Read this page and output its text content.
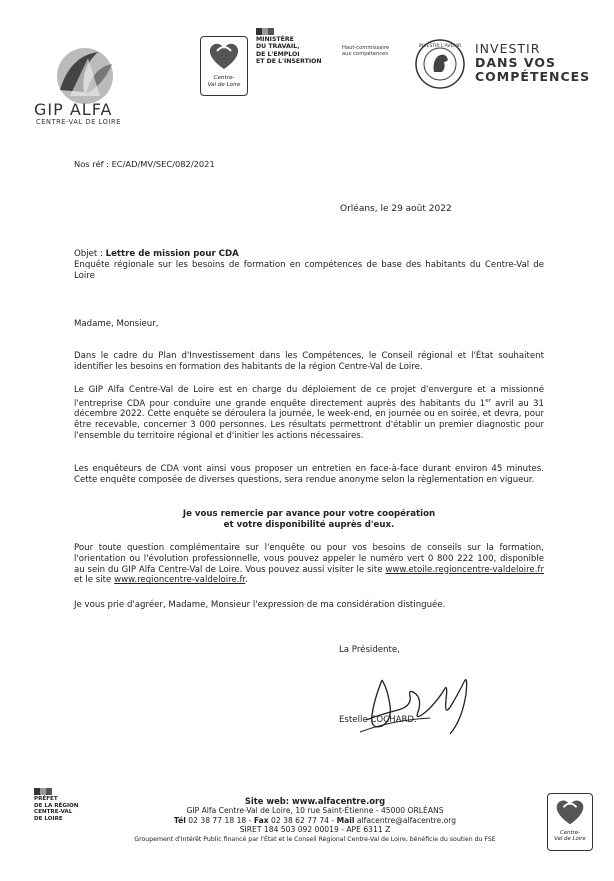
GIP ALFA
CENTRE-VAL DE LOIRE
Centre-
Val de Loire
MINISTÈRE
DU TRAVAIL,
DE L'EMPLOI
ET DE L'INSERTION
Haut-commissaire
aux compétences
INVESTIR L'AVENIR INVESTIR
DANS VOS
COMPÉTENCES
Nos réf : EC/AD/MV/SEC/082/2021
Orléans, le 29 août 2022
Objet : Lettre de mission pour CDA
Enquête régionale sur les besoins de formation en compétences de base des habitants du Centre-Val de Loire
Madame, Monsieur,
Dans le cadre du Plan d'Investissement dans les Compétences, le Conseil régional et l'État souhaitent identifier les besoins en formation des habitants de la région Centre-Val de Loire.
Le GIP Alfa Centre-Val de Loire est en charge du déploiement de ce projet d'envergure et a missionné l'entreprise CDA pour conduire une grande enquête directement auprès des habitants du 1er avril au 31 décembre 2022. Cette enquête se déroulera la journée, le week-end, en journée ou en soirée, et devra, pour être recevable, concerner 3 000 personnes. Les résultats permettront d'établir un premier diagnostic pour l'ensemble du territoire régional et d'initier les actions nécessaires.
Les enquêteurs de CDA vont ainsi vous proposer un entretien en face-à-face durant environ 45 minutes. Cette enquête composée de diverses questions, sera rendue anonyme selon la règlementation en vigueur.
Je vous remercie par avance pour votre coopération
et votre disponibilité auprès d'eux.
Pour toute question complémentaire sur l'enquête ou pour vos besoins de conseils sur la formation, l'orientation ou l'évolution professionnelle, vous pouvez appeler le numéro vert 0 800 222 100, disponible au sein du GIP Alfa Centre-Val de Loire. Vous pouvez aussi visiter le site www.etoile.regioncentre-valdeloire.fr et le site www.regioncentre-valdeloire.fr.
Je vous prie d'agréer, Madame, Monsieur l'expression de ma considération distinguée.
La Présidente,
Estelle COCHARD.
PRÉFET
DE LA RÉGION
CENTRE-VAL
DE LOIRE
Site web: www.alfacentre.org
GIP Alfa Centre-Val de Loire, 10 rue Saint-Étienne - 45000 ORLÉANS
Tél 02 38 77 18 18 - Fax 02 38 62 77 74 - Mail alfacentre@alfacentre.org
SIRET 184 503 092 00019 - APE 6311 Z
Groupement d'Intérêt Public financé par l'État et le Conseil Régional Centre-Val de Loire, bénéficie du soutien du FSE
Centre-
Val de Loire
